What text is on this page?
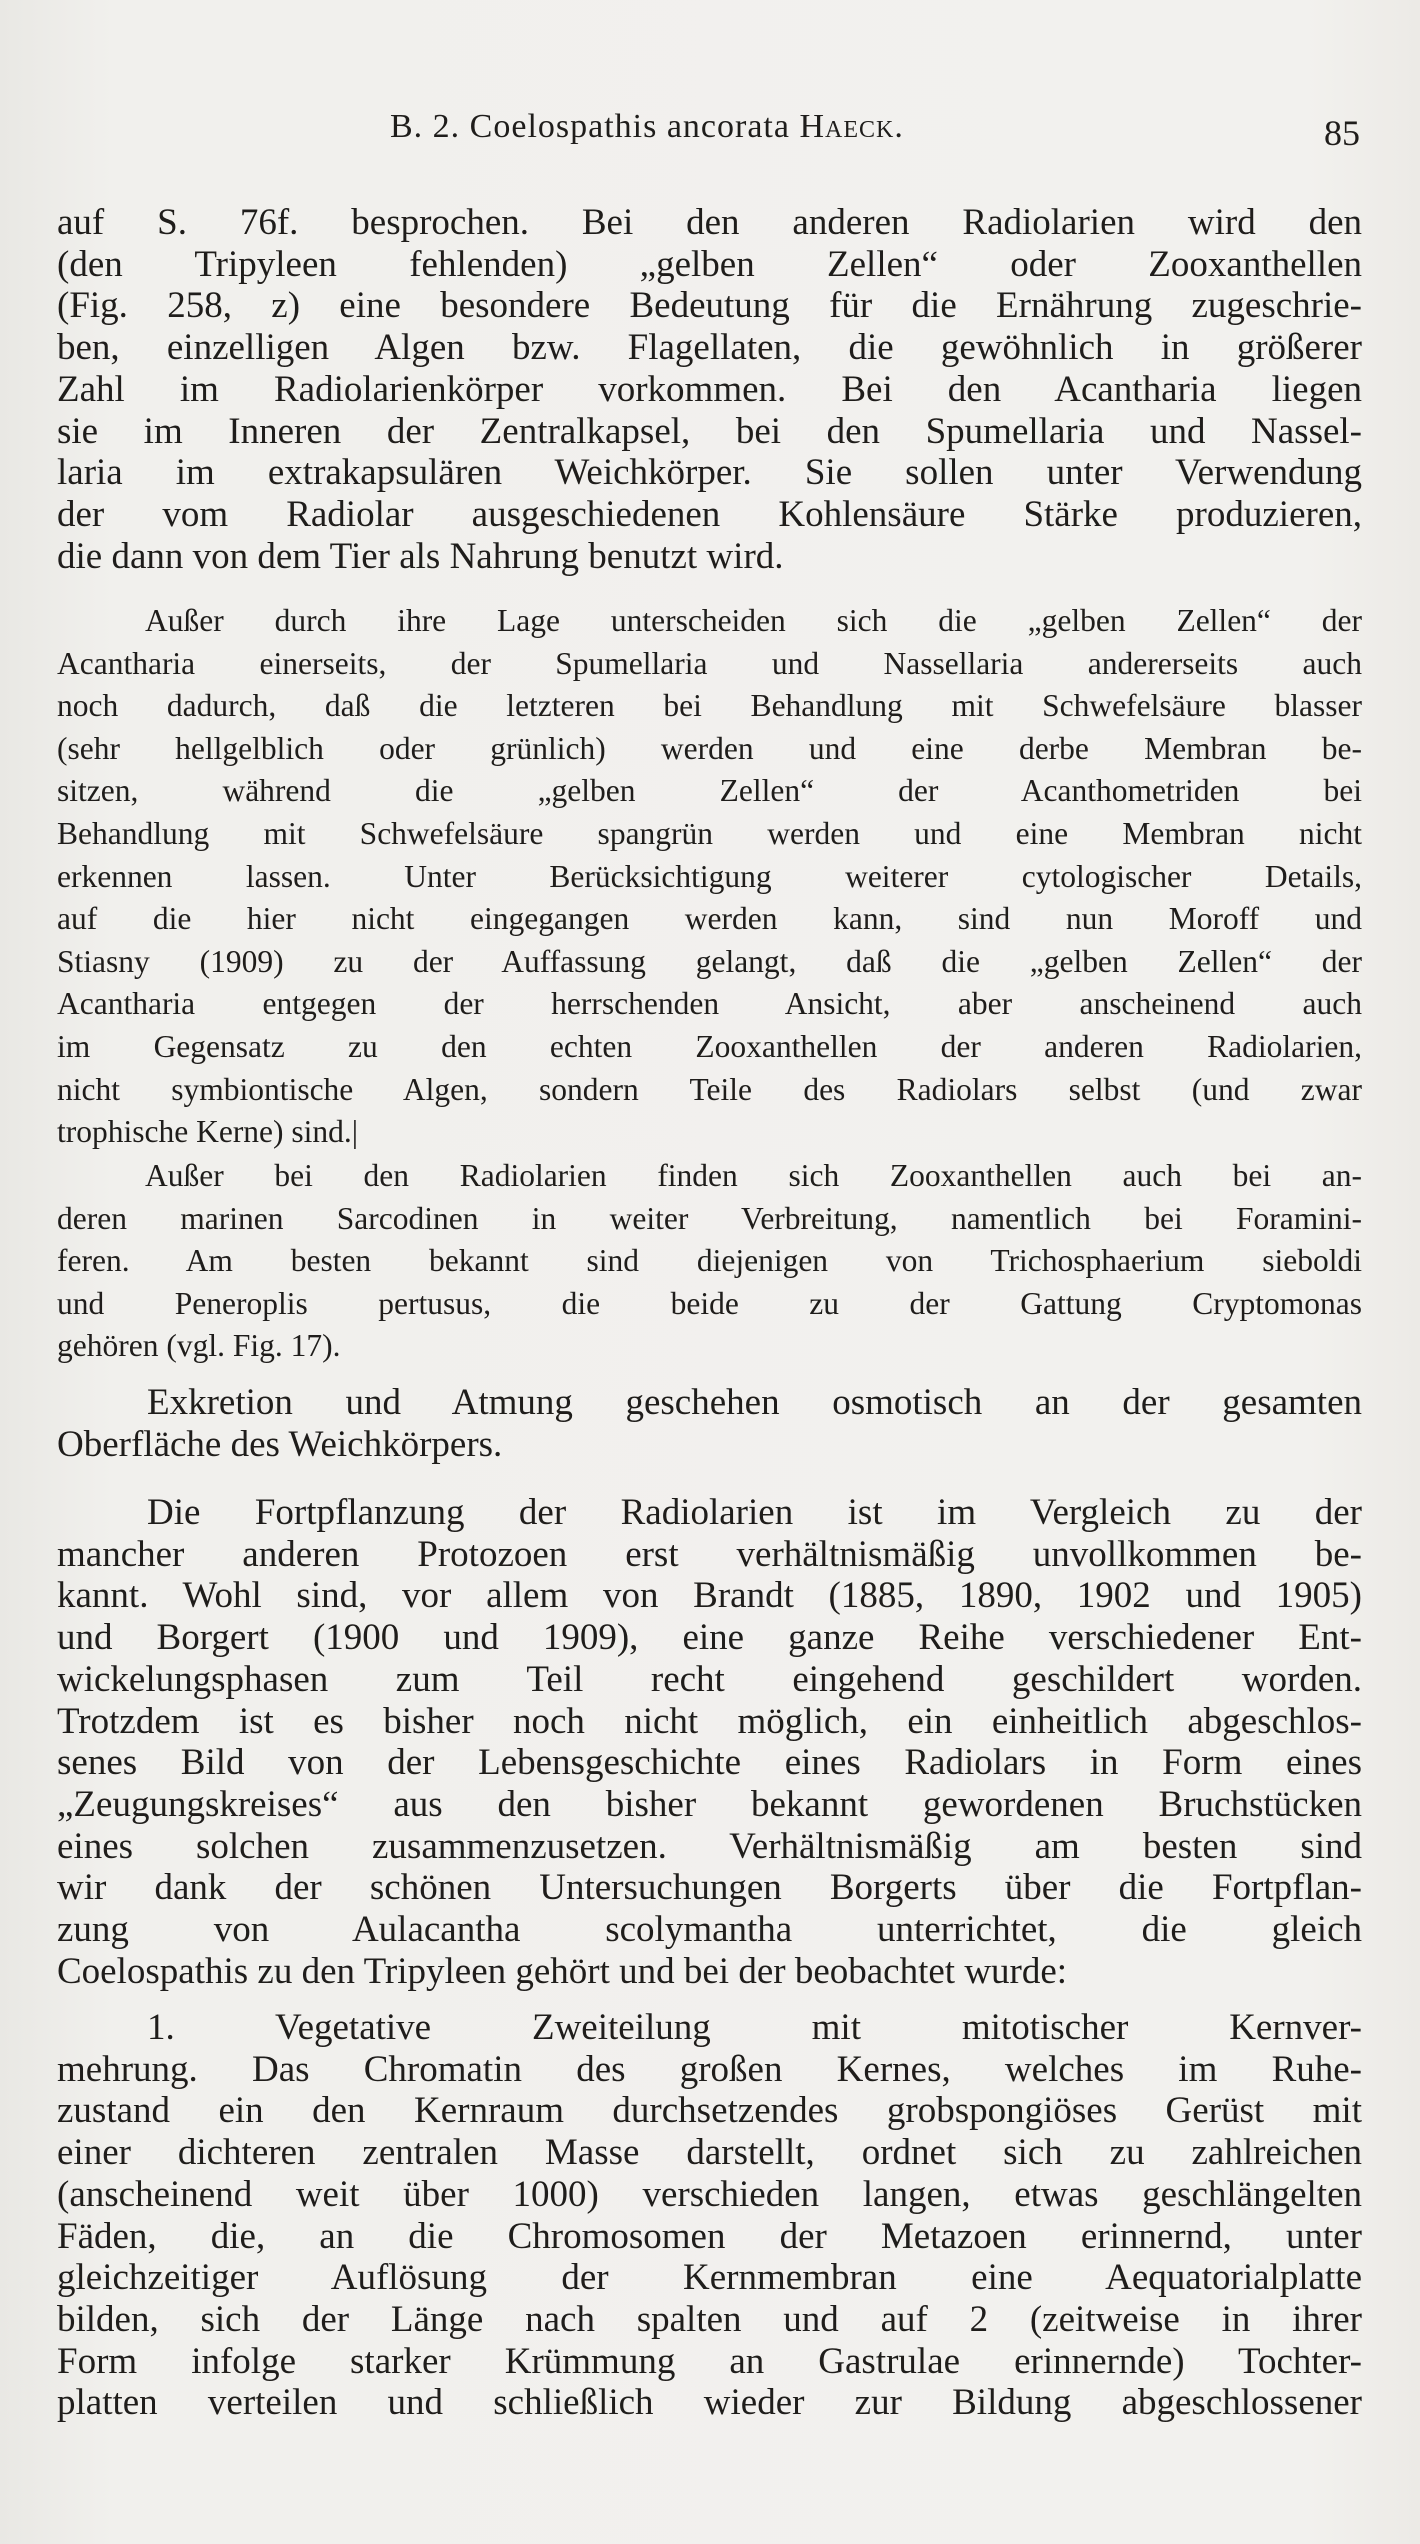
B. 2. Coelospathis ancorata Haeck.	85
auf S. 76f. besprochen. Bei den anderen Radiolarien wird den
(den Tripyleen fehlenden) „gelben Zellen“ oder Zooxanthellen
(Fig. 258, z) eine besondere Bedeutung für die Ernährung zugeschrie-
ben, einzelligen Algen bzw. Flagellaten, die gewöhnlich in größerer
Zahl im Radiolarienkörper vorkommen. Bei den Acantharia liegen
sie im Inneren der Zentralkapsel, bei den Spumellaria und Nassel-
laria im extrakapsulären Weichkörper. Sie sollen unter Verwendung
der vom Radiolar ausgeschiedenen Kohlensäure Stärke produzieren,
die dann von dem Tier als Nahrung benutzt wird.
Außer durch ihre Lage unterscheiden sich die „gelben Zellen“ der
Acantharia einerseits, der Spumellaria und Nassellaria andererseits auch
noch dadurch, daß die letzteren bei Behandlung mit Schwefelsäure blasser
(sehr hellgelblich oder grünlich) werden und eine derbe Membran be-
sitzen, während die „gelben Zellen“ der Acanthometriden bei
Behandlung mit Schwefelsäure spangrün werden und eine Membran nicht
erkennen lassen. Unter Berücksichtigung weiterer cytologischer Details,
auf die hier nicht eingegangen werden kann, sind nun Moroff und
Stiasny (1909) zu der Auffassung gelangt, daß die „gelben Zellen“ der
Acantharia entgegen der herrschenden Ansicht, aber anscheinend auch
im Gegensatz zu den echten Zooxanthellen der anderen Radiolarien,
nicht symbiontische Algen, sondern Teile des Radiolars selbst (und zwar
trophische Kerne) sind.|
Außer bei den Radiolarien finden sich Zooxanthellen auch bei an-
deren marinen Sarcodinen in weiter Verbreitung, namentlich bei Foramini-
feren. Am besten bekannt sind diejenigen von Trichosphaerium sieboldi
und Peneroplis pertusus, die beide zu der Gattung Cryptomonas
gehören (vgl. Fig. 17).
Exkretion und Atmung geschehen osmotisch an der gesamten
Oberfläche des Weichkörpers.
Die Fortpflanzung der Radiolarien ist im Vergleich zu der
mancher anderen Protozoen erst verhältnismäßig unvollkommen be-
kannt. Wohl sind, vor allem von Brandt (1885, 1890, 1902 und 1905)
und Borgert (1900 und 1909), eine ganze Reihe verschiedener Ent-
wickelungsphasen zum Teil recht eingehend geschildert worden.
Trotzdem ist es bisher noch nicht möglich, ein einheitlich abgeschlos-
senes Bild von der Lebensgeschichte eines Radiolars in Form eines
„Zeugungskreises“ aus den bisher bekannt gewordenen Bruchstücken
eines solchen zusammenzusetzen. Verhältnismäßig am besten sind
wir dank der schönen Untersuchungen Borgerts über die Fortpflan-
zung von Aulacantha scolymantha unterrichtet, die gleich
Coelospathis zu den Tripyleen gehört und bei der beobachtet wurde:
1. Vegetative Zweiteilung mit mitotischer Kernver-
mehrung. Das Chromatin des großen Kernes, welches im Ruhe-
zustand ein den Kernraum durchsetzendes grobspongiöses Gerüst mit
einer dichteren zentralen Masse darstellt, ordnet sich zu zahlreichen
(anscheinend weit über 1000) verschieden langen, etwas geschlängelten
Fäden, die, an die Chromosomen der Metazoen erinnernd, unter
gleichzeitiger Auflösung der Kernmembran eine Aequatorialplatte
bilden, sich der Länge nach spalten und auf 2 (zeitweise in ihrer
Form infolge starker Krümmung an Gastrulae erinnernde) Tochter-
platten verteilen und schließlich wieder zur Bildung abgeschlossener
